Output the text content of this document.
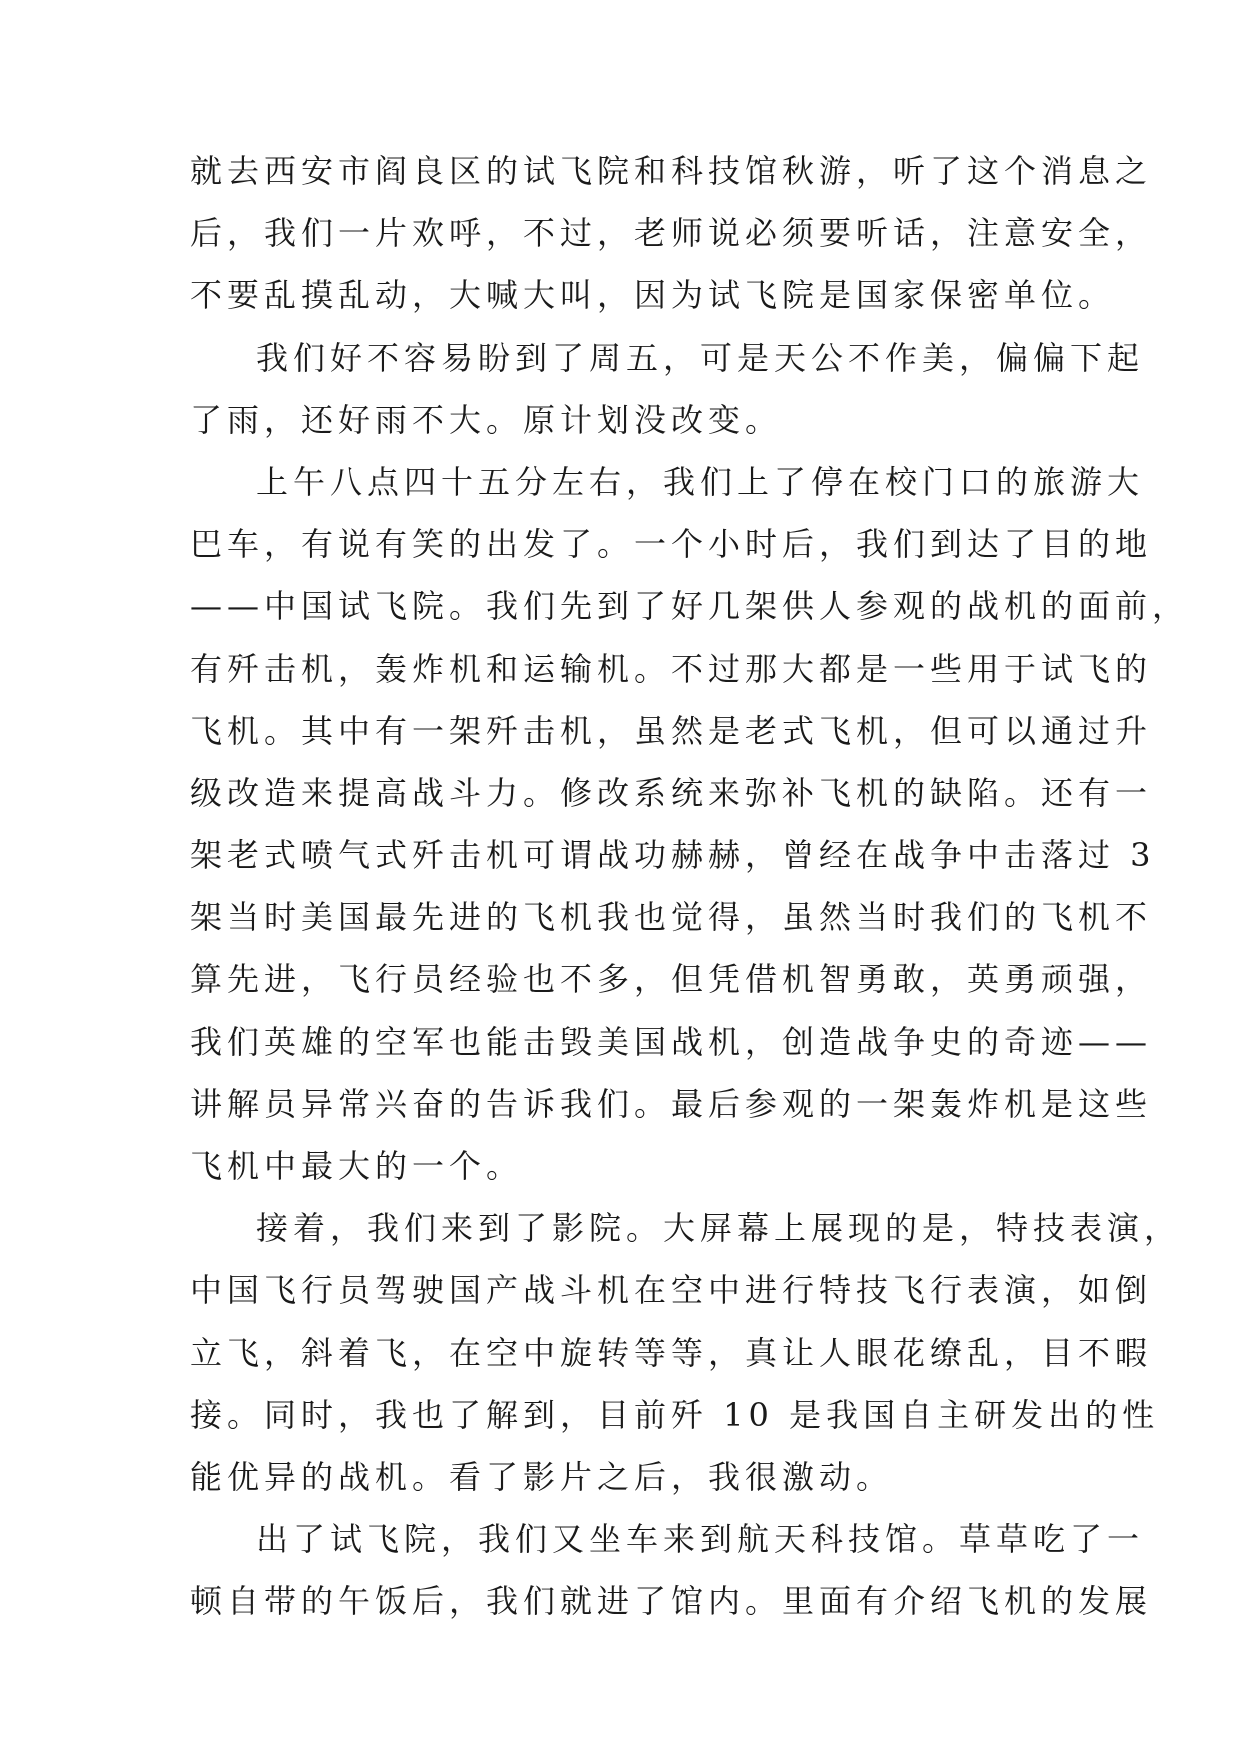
就去西安市阎良区的试飞院和科技馆秋游，听了这个消息之
后，我们一片欢呼，不过，老师说必须要听话，注意安全，
不要乱摸乱动，大喊大叫，因为试飞院是国家保密单位。
我们好不容易盼到了周五，可是天公不作美，偏偏下起
了雨，还好雨不大。原计划没改变。
上午八点四十五分左右，我们上了停在校门口的旅游大
巴车，有说有笑的出发了。一个小时后，我们到达了目的地
——中国试飞院。我们先到了好几架供人参观的战机的面前，
有歼击机，轰炸机和运输机。不过那大都是一些用于试飞的
飞机。其中有一架歼击机，虽然是老式飞机，但可以通过升
级改造来提高战斗力。修改系统来弥补飞机的缺陷。还有一
架老式喷气式歼击机可谓战功赫赫，曾经在战争中击落过 3
架当时美国最先进的飞机我也觉得，虽然当时我们的飞机不
算先进，飞行员经验也不多，但凭借机智勇敢，英勇顽强，
我们英雄的空军也能击毁美国战机，创造战争史的奇迹——
讲解员异常兴奋的告诉我们。最后参观的一架轰炸机是这些
飞机中最大的一个。
接着，我们来到了影院。大屏幕上展现的是，特技表演，
中国飞行员驾驶国产战斗机在空中进行特技飞行表演，如倒
立飞，斜着飞，在空中旋转等等，真让人眼花缭乱，目不暇
接。同时，我也了解到，目前歼 10 是我国自主研发出的性
能优异的战机。看了影片之后，我很激动。
出了试飞院，我们又坐车来到航天科技馆。草草吃了一
顿自带的午饭后，我们就进了馆内。里面有介绍飞机的发展
